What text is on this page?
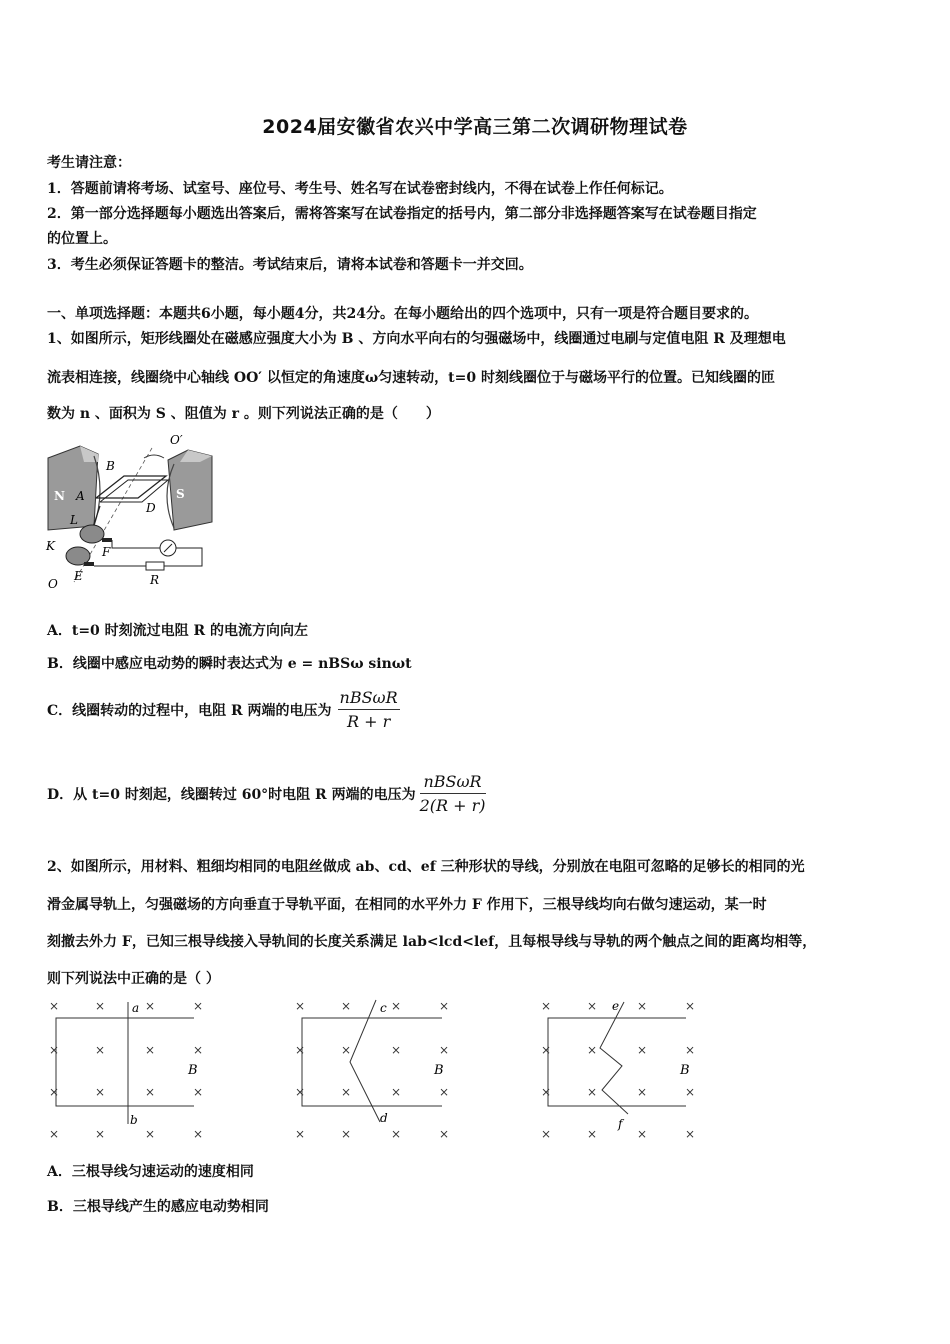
2024届安徽省农兴中学高三第二次调研物理试卷
考生请注意：
1．答题前请将考场、试室号、座位号、考生号、姓名写在试卷密封线内，不得在试卷上作任何标记。
2．第一部分选择题每小题选出答案后，需将答案写在试卷指定的括号内，第二部分非选择题答案写在试卷题目指定
的位置上。
3．考生必须保证答题卡的整洁。考试结束后，请将本试卷和答题卡一并交回。
一、单项选择题：本题共6小题，每小题4分，共24分。在每小题给出的四个选项中，只有一项是符合题目要求的。
1、如图所示，矩形线圈处在磁感应强度大小为 B 、方向水平向右的匀强磁场中，线圈通过电刷与定值电阻 R 及理想电
流表相连接，线圈绕中心轴线 OO′ 以恒定的角速度ω匀速转动，t=0 时刻线圈位于与磁场平行的位置。已知线圈的匝
数为 n 、面积为 S 、阻值为 r 。则下列说法正确的是（　　）
O′
B
N	S
A
D
L
K	F
O
E	R
A．t=0 时刻流过电阻 R 的电流方向向左
B．线圈中感应电动势的瞬时表达式为 e = nBSω sinωt
C．线圈转动的过程中，电阻 R 两端的电压为 $\frac{\text{nBSωR}}{R + r}$
D．从 t=0 时刻起，线圈转过 60°时电阻 R 两端的电压为 $\frac{\text{nBSωR}}{2(R + r)}$
2、如图所示，用材料、粗细均相同的电阻丝做成 ab、cd、ef 三种形状的导线，分别放在电阻可忽略的足够长的相同的光
滑金属导轨上，匀强磁场的方向垂直于导轨平面，在相同的水平外力 F 作用下，三根导线均向右做匀速运动，某一时
刻撤去外力 F，已知三根导线接入导轨间的长度关系满足 lab<lcd<lef，且每根导线与导轨的两个触点之间的距离均相等，
则下列说法中正确的是（ ）
×
×
×
×
×
×
×
×
×
×
×
×
×
×
×
×
×
×
×
×
×
×
×
×
×
×
×
×
×
×
×
×
×
×
×
×
×
×
×
×
×
×
×
×
×
×
×
×
a
b
B
c
d
B
e
f
B
A．三根导线匀速运动的速度相同
B．三根导线产生的感应电动势相同
